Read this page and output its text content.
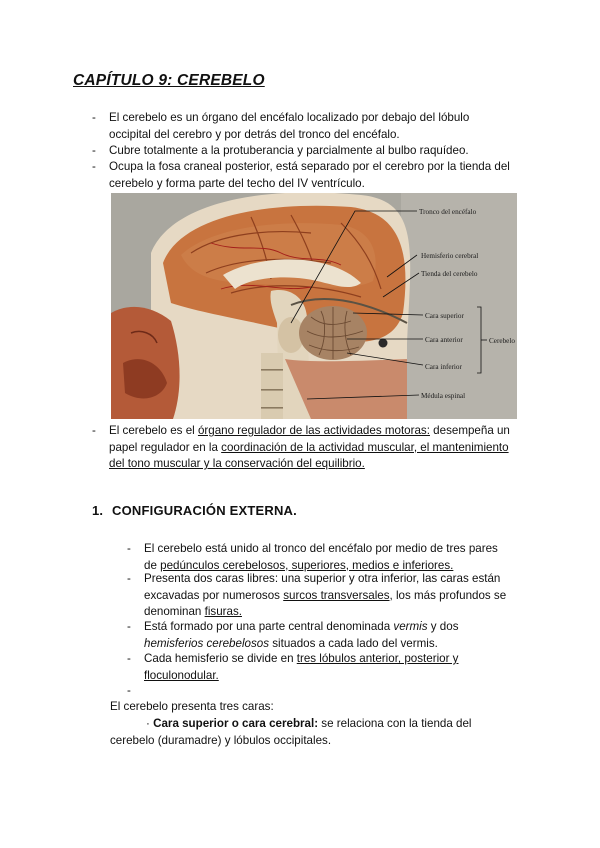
CAPÍTULO 9: CEREBELO
-	El cerebelo es un órgano del encéfalo localizado por debajo del lóbulo occipital del cerebro y por detrás del tronco del encéfalo.
-	Cubre totalmente a la protuberancia y parcialmente al bulbo raquídeo.
-	Ocupa la fosa craneal posterior, está separado por el cerebro por la tienda del cerebelo y forma parte del techo del IV ventrículo.
Tronco del encéfalo
Hemisferio cerebral
Tienda del cerebelo
Cara superior
Cara anterior
Cara inferior
Médula espinal
Cerebelo
-	El cerebelo es el órgano regulador de las actividades motoras: desempeña un papel regulador en la coordinación de la actividad muscular, el mantenimiento del tono muscular y la conservación del equilibrio.
1. CONFIGURACIÓN EXTERNA.
-	El cerebelo está unido al tronco del encéfalo por medio de tres pares de pedúnculos cerebelosos, superiores, medios e inferiores.
-	Presenta dos caras libres: una superior y otra inferior, las caras están excavadas por numerosos surcos transversales, los más profundos se denominan fisuras.
-	Está formado por una parte central denominada vermis y dos hemisferios cerebelosos situados a cada lado del vermis.
-	Cada hemisferio se divide en tres lóbulos anterior, posterior y floculonodular.
-
El cerebelo presenta tres caras:
· Cara superior o cara cerebral: se relaciona con la tienda del cerebelo (duramadre) y lóbulos occipitales.
